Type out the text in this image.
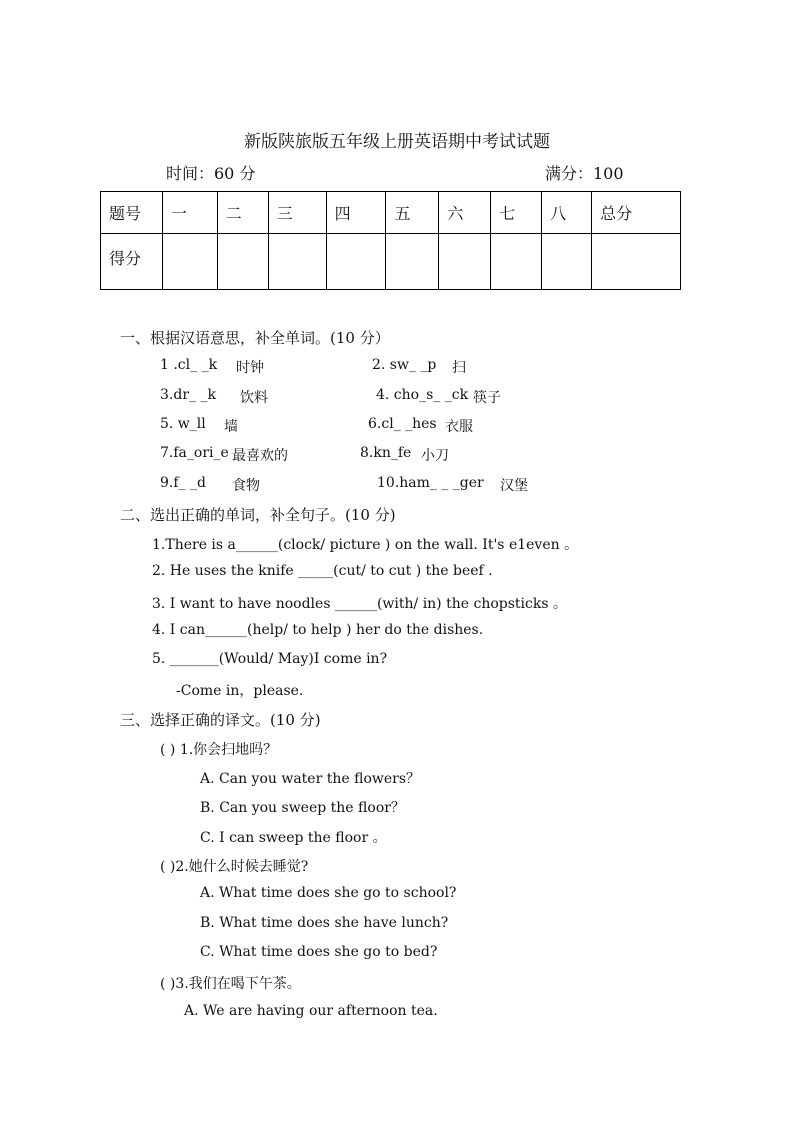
新版陕旅版五年级上册英语期中考试试题
时间：60 分	满分：100
题号	一	二	三	四	五	六	七	八	总分
得分									
一、根据汉语意思，补全单词。(10 分）
1 .cl_ _k 时钟	2. sw_ _p 扫
3.dr_ _k 饮料	4. cho_s_ _ck 筷子
5. w_ll 墙	6.cl_ _hes 衣服
7.fa_ori_e 最喜欢的	8.kn_fe 小刀
9.f_ _d 食物	10.ham_ _ _ger 汉堡
二、选出正确的单词，补全句子。(10 分)
1.There is a______(clock/ picture ) on the wall. It's e1even 。
2. He uses the knife _____(cut/ to cut ) the beef .
3. I want to have noodles ______(with/ in) the chopsticks 。
4. I can______(help/ to help ) her do the dishes.
5. _______(Would/ May)I come in?
-Come in，please.
三、选择正确的译文。(10 分)
( ) 1.你会扫地吗？
A. Can you water the flowers？
B. Can you sweep the floor？
C. I can sweep the floor 。
( )2.她什么时候去睡觉?
A. What time does she go to school?
B. What time does she have lunch?
C. What time does she go to bed?
( )3.我们在喝下午茶。
A. We are having our afternoon tea.
